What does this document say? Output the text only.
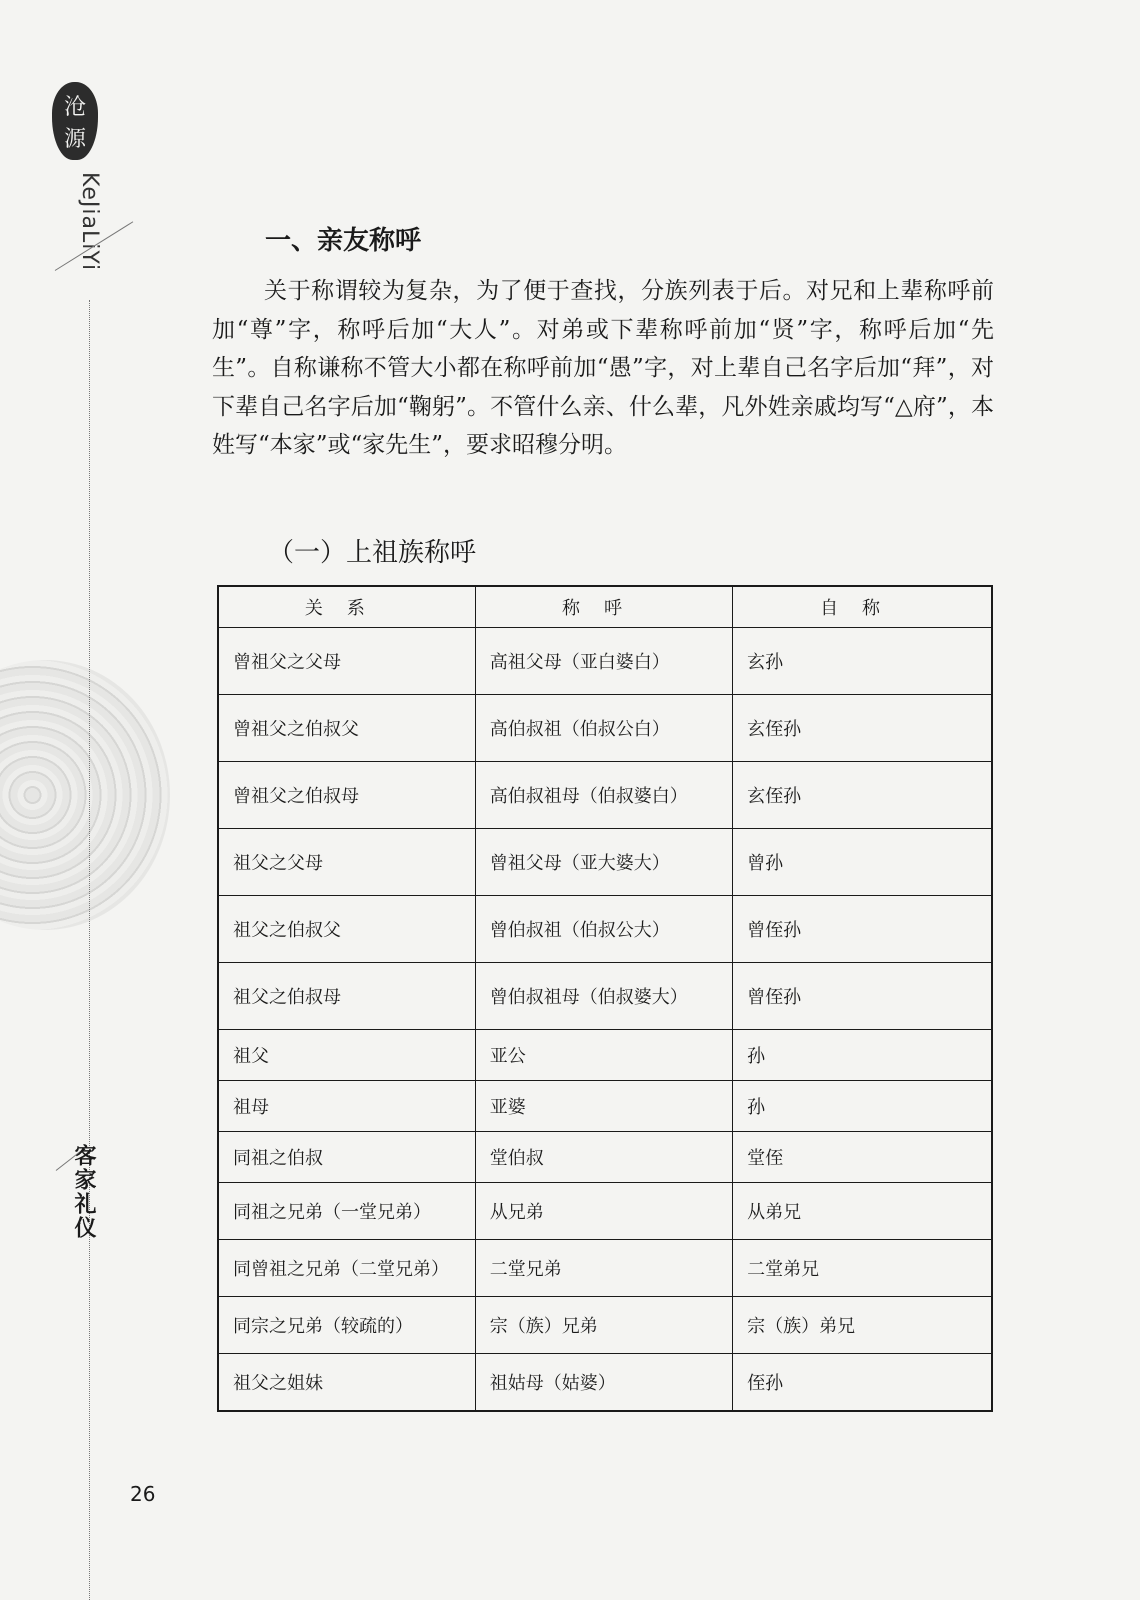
沧
源
KeJiaLiYi
客家礼仪
26
一、亲友称呼
关于称谓较为复杂，为了便于查找，分族列表于后。对兄和上辈称呼前加“尊”字，称呼后加“大人”。对弟或下辈称呼前加“贤”字，称呼后加“先生”。自称谦称不管大小都在称呼前加“愚”字，对上辈自己名字后加“拜”，对下辈自己名字后加“鞠躬”。不管什么亲、什么辈，凡外姓亲戚均写“△府”，本姓写“本家”或“家先生”，要求昭穆分明。
（一）上祖族称呼
关系	称呼	自称
曾祖父之父母	高祖父母（亚白婆白）	玄孙
曾祖父之伯叔父	高伯叔祖（伯叔公白）	玄侄孙
曾祖父之伯叔母	高伯叔祖母（伯叔婆白）	玄侄孙
祖父之父母	曾祖父母（亚大婆大）	曾孙
祖父之伯叔父	曾伯叔祖（伯叔公大）	曾侄孙
祖父之伯叔母	曾伯叔祖母（伯叔婆大）	曾侄孙
祖父	亚公	孙
祖母	亚婆	孙
同祖之伯叔	堂伯叔	堂侄
同祖之兄弟（一堂兄弟）	从兄弟	从弟兄
同曾祖之兄弟（二堂兄弟）	二堂兄弟	二堂弟兄
同宗之兄弟（较疏的）	宗（族）兄弟	宗（族）弟兄
祖父之姐妹	祖姑母（姑婆）	侄孙
